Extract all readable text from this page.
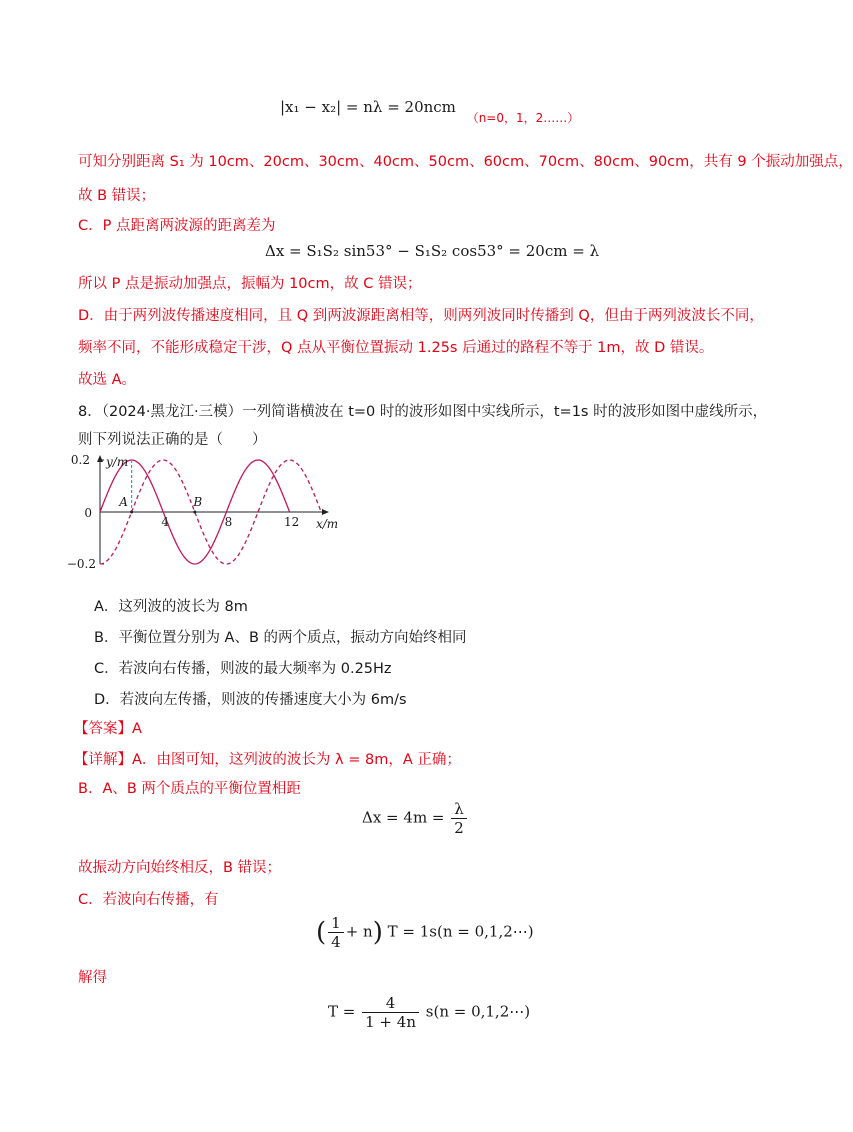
|x₁ − x₂| = nλ = 20ncm $_{(n=0,1,2\dots\dots)}$
可知分别距离 S₁ 为 10cm、20cm、30cm、40cm、50cm、60cm、70cm、80cm、90cm，共有 9 个振动加强点，
故 B 错误；
C．P 点距离两波源的距离差为
Δx = S₁S₂ sin53° − S₁S₂ cos53° = 20cm = λ
所以 P 点是振动加强点，振幅为 10cm，故 C 错误；
D．由于两列波传播速度相同，且 Q 到两波源距离相等，则两列波同时传播到 Q，但由于两列波波长不同，
频率不同，不能形成稳定干涉，Q 点从平衡位置振动 1.25s 后通过的路程不等于 1m，故 D 错误。
故选 A。
8．（2024·黑龙江·三模）一列简谐横波在 t=0 时的波形如图中实线所示，t=1s 时的波形如图中虚线所示，
则下列说法正确的是（　　）
y/m
x/m
0.2
0
−0.2
4	8	12
A	B
A．这列波的波长为 8m
B．平衡位置分别为 A、B 的两个质点，振动方向始终相同
C．若波向右传播，则波的最大频率为 0.25Hz
D．若波向左传播，则波的传播速度大小为 6m/s
【答案】A
【详解】A．由图可知，这列波的波长为 λ = 8m，A 正确；
B．A、B 两个质点的平衡位置相距
$\Delta x = 4m = \frac{\lambda}{2}$
故振动方向始终相反，B 错误；
C．若波向右传播，有
( $\frac{1}{4} + n$) T = 1s(n = 0,1,2⋯)
解得
$T = \frac{4}{1 + 4n} s(n$ = 0,1,2⋯)
